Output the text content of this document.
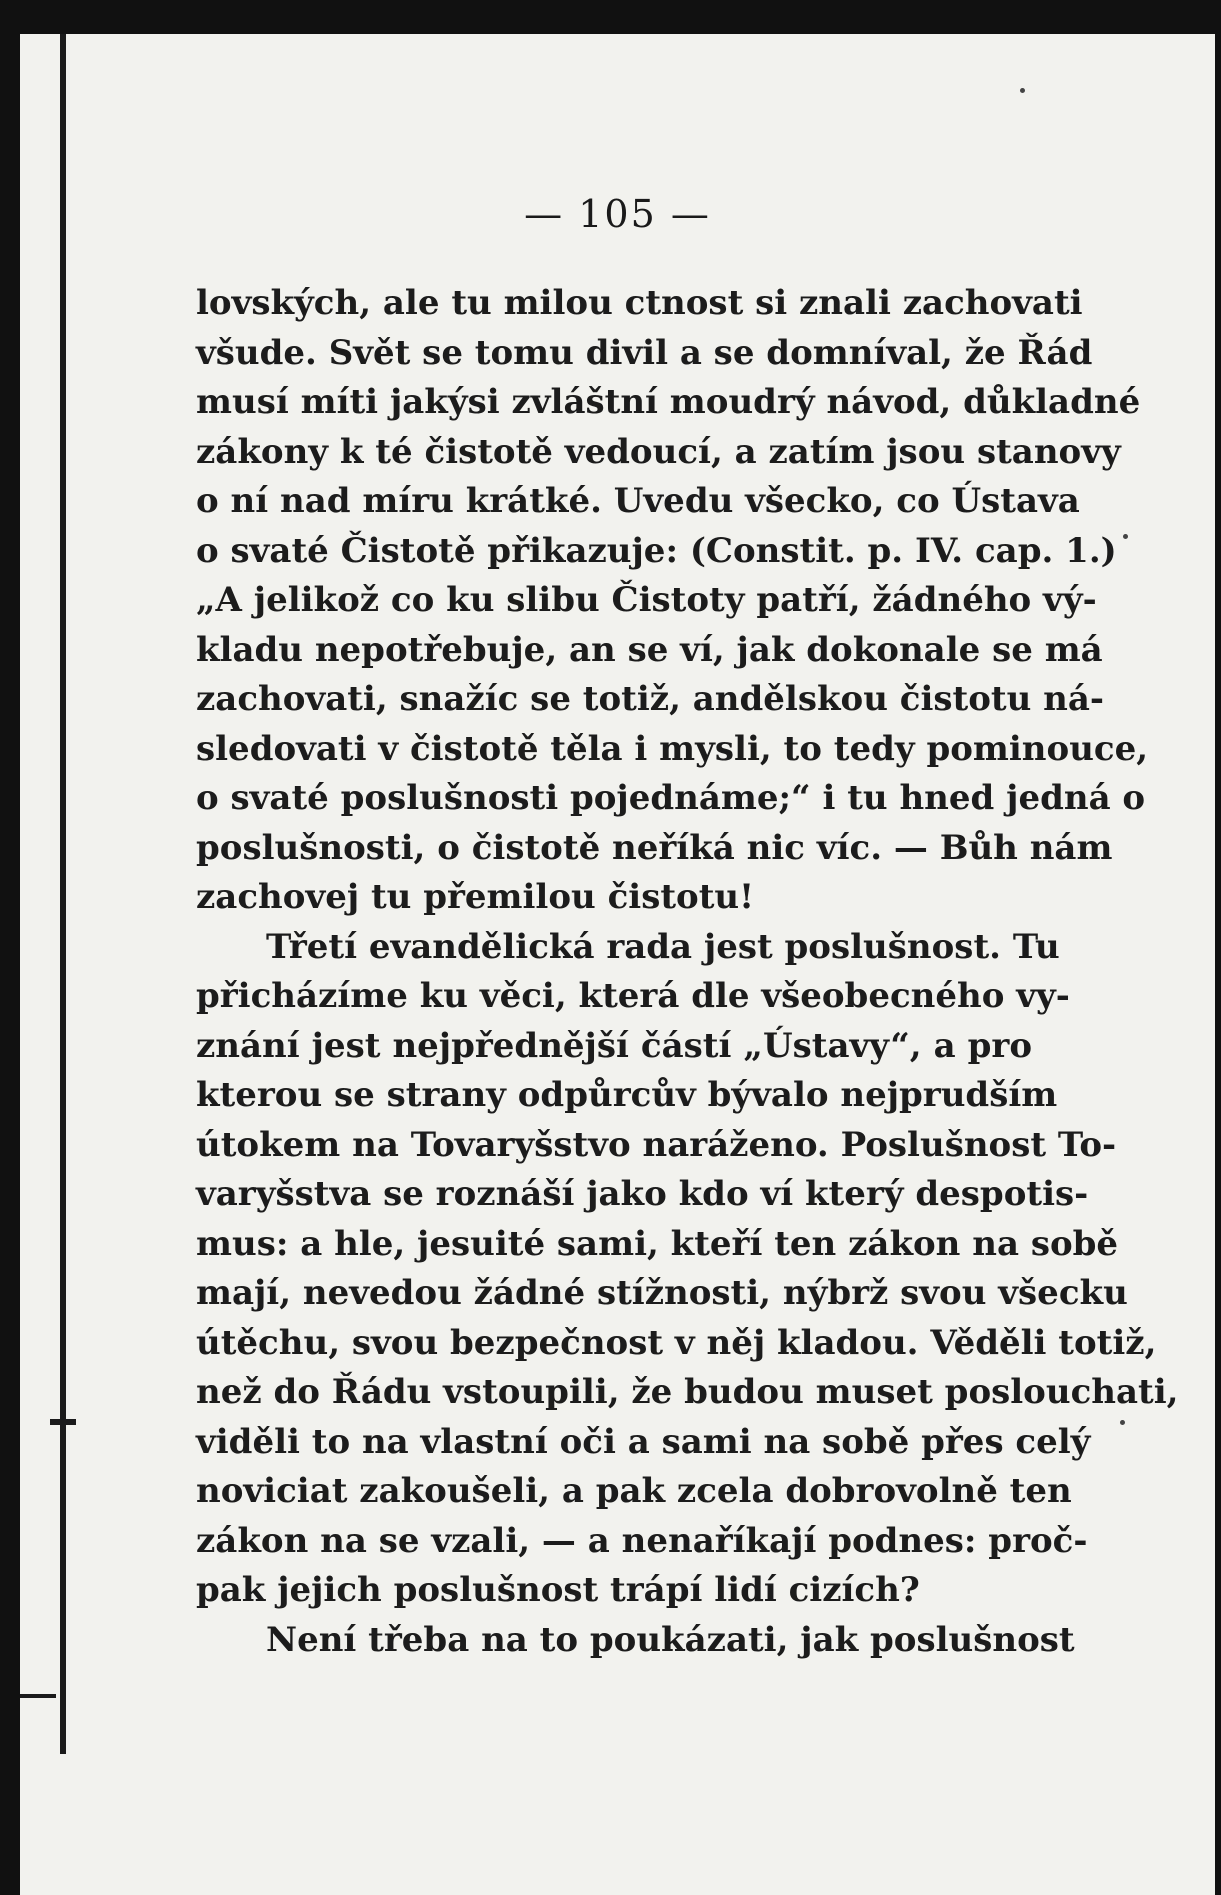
— 105 —
lovských, ale tu milou ctnost si znali zachovati
všude. Svět se tomu divil a se domníval, že Řád
musí míti jakýsi zvláštní moudrý návod, důkladné
zákony k té čistotě vedoucí, a zatím jsou stanovy
o ní nad míru krátké. Uvedu všecko, co Ústava
o svaté Čistotě přikazuje: (Constit. p. IV. cap. 1.)
„A jelikož co ku slibu Čistoty patří, žádného vý-
kladu nepotřebuje, an se ví, jak dokonale se má
zachovati, snažíc se totiž, andělskou čistotu ná-
sledovati v čistotě těla i mysli, to tedy pominouce,
o svaté poslušnosti pojednáme;“ i tu hned jedná o
poslušnosti, o čistotě neříká nic víc. — Bůh nám
zachovej tu přemilou čistotu!
Třetí evandělická rada jest poslušnost. Tu
přicházíme ku věci, která dle všeobecného vy-
znání jest nejpřednější částí „Ústavy“, a pro
kterou se strany odpůrcův bývalo nejprudším
útokem na Tovaryšstvo naráženo. Poslušnost To-
varyšstva se roznáší jako kdo ví který despotis-
mus: a hle, jesuité sami, kteří ten zákon na sobě
mají, nevedou žádné stížnosti, nýbrž svou všecku
útěchu, svou bezpečnost v něj kladou. Věděli totiž,
než do Řádu vstoupili, že budou muset poslouchati,
viděli to na vlastní oči a sami na sobě přes celý
noviciat zakoušeli, a pak zcela dobrovolně ten
zákon na se vzali, — a nenaříkají podnes: proč-
pak jejich poslušnost trápí lidí cizích?
Není třeba na to poukázati, jak poslušnost
